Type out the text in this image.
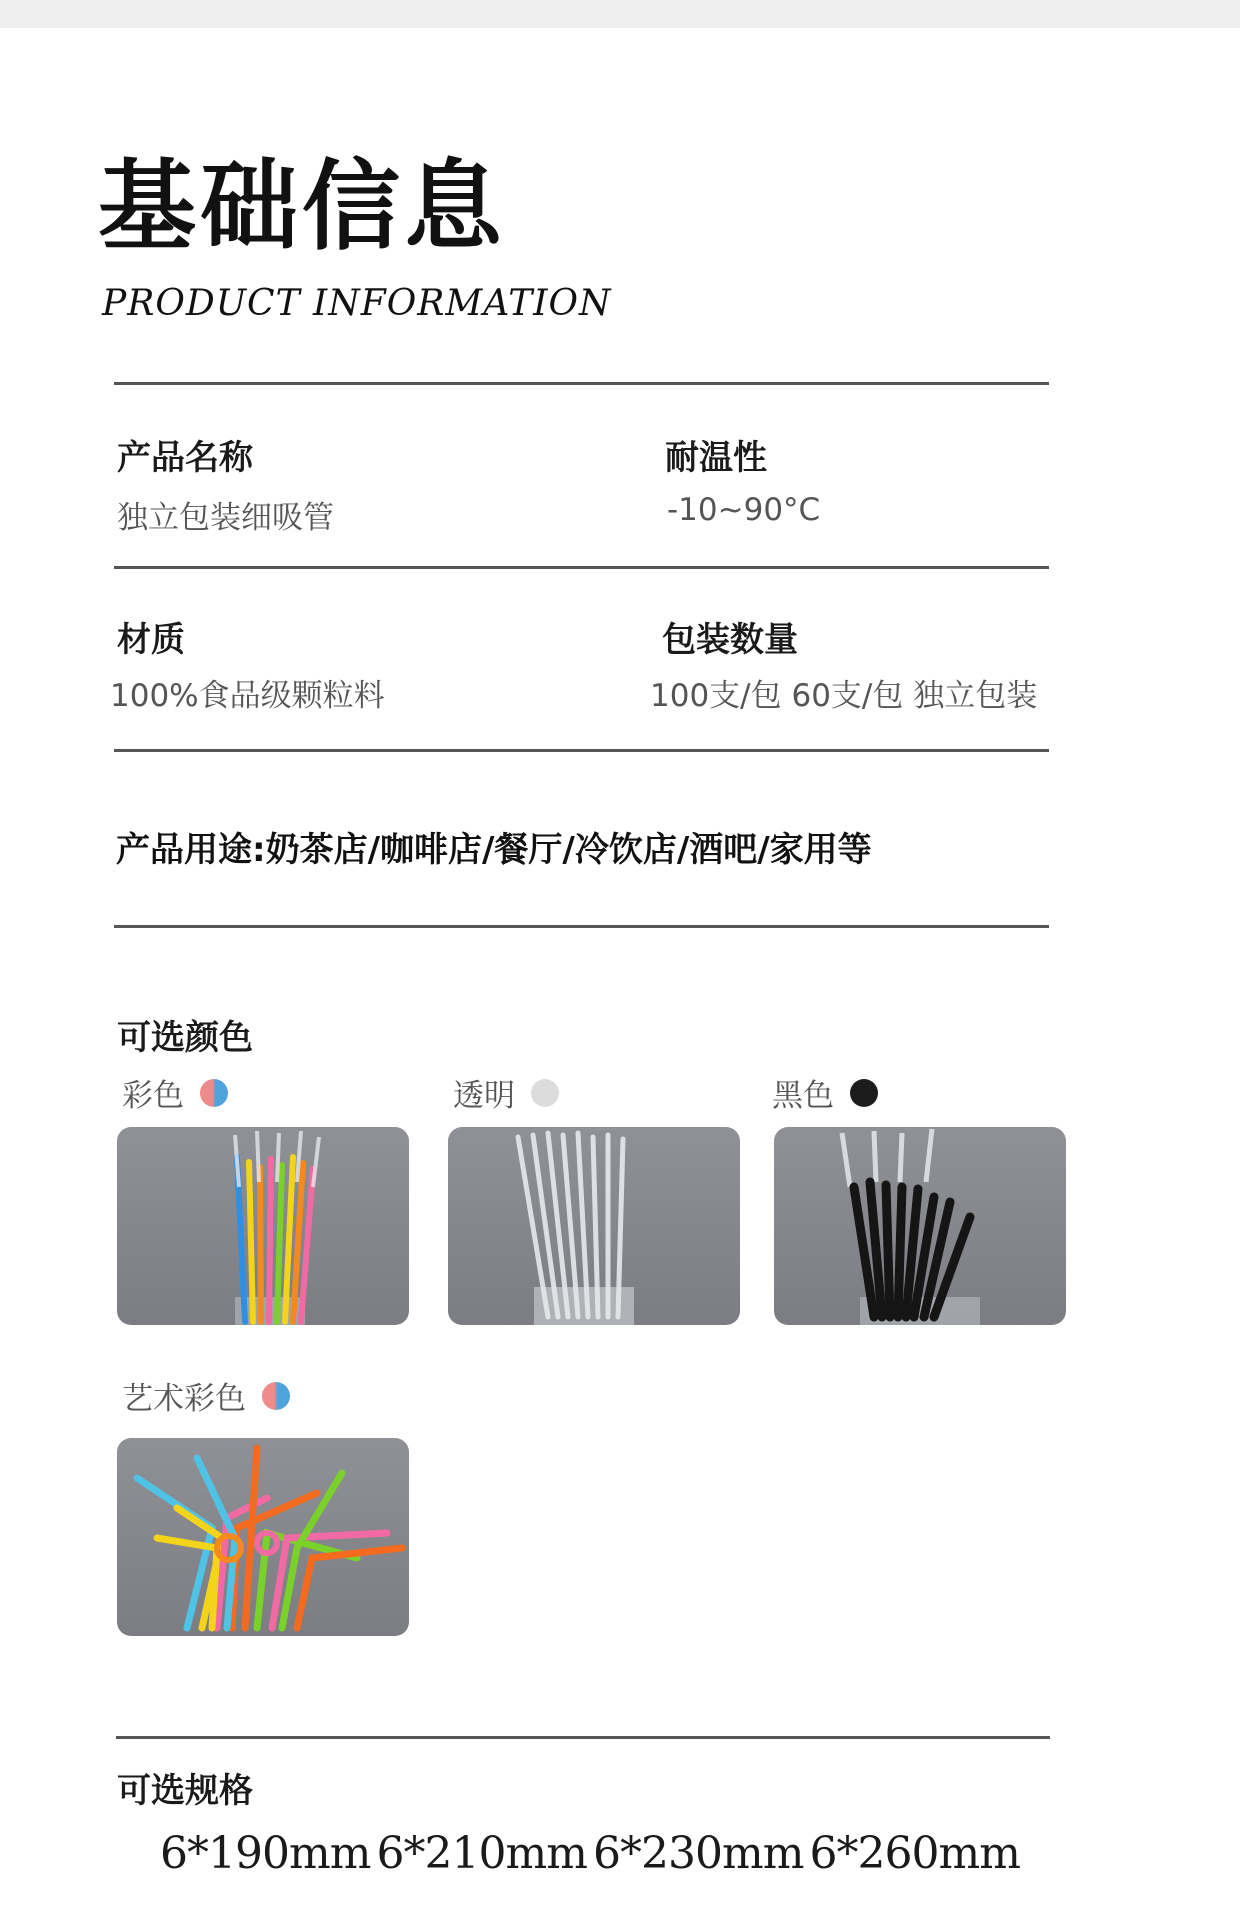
基础信息
PRODUCT INFORMATION
产品名称
独立包装细吸管
耐温性
-10~90°C
材质
100%食品级颗粒料
包装数量
100支/包 60支/包 独立包装
产品用途:奶茶店/咖啡店/餐厅/冷饮店/酒吧/家用等
可选颜色
彩色	透明	黑色
艺术彩色
可选规格
6*190mm 6*210mm 6*230mm 6*260mm
